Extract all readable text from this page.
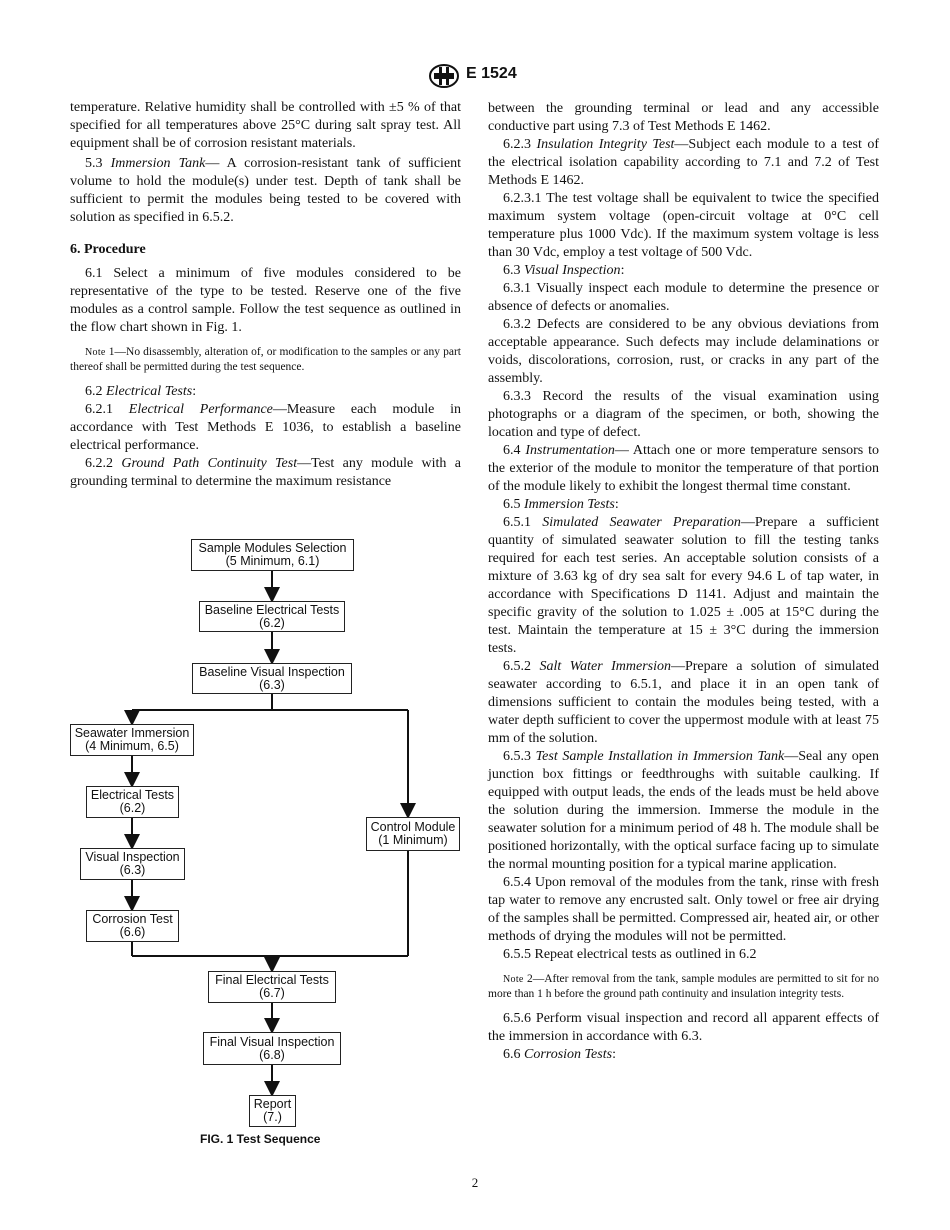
E 1524

temperature. Relative humidity shall be controlled with ±5 % of that specified for all temperatures above 25°C during salt spray test. All equipment shall be of corrosion resistant materials.

5.3 Immersion Tank— A corrosion-resistant tank of sufficient volume to hold the module(s) under test. Depth of tank shall be sufficient to permit the modules being tested to be covered with solution as specified in 6.5.2.

6. Procedure

6.1 Select a minimum of five modules considered to be representative of the type to be tested. Reserve one of the five modules as a control sample. Follow the test sequence as outlined in the flow chart shown in Fig. 1.

Note 1—No disassembly, alteration of, or modification to the samples or any part thereof shall be permitted during the test sequence.

6.2 Electrical Tests:

6.2.1 Electrical Performance—Measure each module in accordance with Test Methods E 1036, to establish a baseline electrical performance.

6.2.2 Ground Path Continuity Test—Test any module with a grounding terminal to determine the maximum resistance

Sample Modules Selection
(5 Minimum, 6.1)
Baseline Electrical Tests
(6.2)
Baseline Visual Inspection
(6.3)
Seawater Immersion
(4 Minimum, 6.5)
Electrical Tests
(6.2)
Control Module
(1 Minimum)
Visual Inspection
(6.3)
Corrosion Test
(6.6)
Final Electrical Tests
(6.7)
Final Visual Inspection
(6.8)
Report
(7.)
FIG. 1 Test Sequence

between the grounding terminal or lead and any accessible conductive part using 7.3 of Test Methods E 1462.

6.2.3 Insulation Integrity Test—Subject each module to a test of the electrical isolation capability according to 7.1 and 7.2 of Test Methods E 1462.

6.2.3.1 The test voltage shall be equivalent to twice the specified maximum system voltage (open-circuit voltage at 0°C cell temperature plus 1000 Vdc). If the maximum system voltage is less than 30 Vdc, employ a test voltage of 500 Vdc.

6.3 Visual Inspection:

6.3.1 Visually inspect each module to determine the presence or absence of defects or anomalies.

6.3.2 Defects are considered to be any obvious deviations from acceptable appearance. Such defects may include delaminations or voids, discolorations, corrosion, rust, or cracks in any part of the assembly.

6.3.3 Record the results of the visual examination using photographs or a diagram of the specimen, or both, showing the location and type of defect.

6.4 Instrumentation— Attach one or more temperature sensors to the exterior of the module to monitor the temperature of that portion of the module likely to exhibit the longest thermal time constant.

6.5 Immersion Tests:

6.5.1 Simulated Seawater Preparation—Prepare a sufficient quantity of simulated seawater solution to fill the testing tanks required for each test series. An acceptable solution consists of a mixture of 3.63 kg of dry sea salt for every 94.6 L of tap water, in accordance with Specifications D 1141. Adjust and maintain the specific gravity of the solution to 1.025 ± .005 at 15°C during the test. Maintain the temperature at 15 ± 3°C during the immersion tests.

6.5.2 Salt Water Immersion—Prepare a solution of simulated seawater according to 6.5.1, and place it in an open tank of dimensions sufficient to contain the modules being tested, with a water depth sufficient to cover the uppermost module with at least 75 mm of the solution.

6.5.3 Test Sample Installation in Immersion Tank—Seal any open junction box fittings or feedthroughs with suitable caulking. If equipped with output leads, the ends of the leads must be held above the solution during the immersion. Immerse the module in the seawater solution for a minimum period of 48 h. The module shall be positioned horizontally, with the optical surface facing up to simulate the normal mounting position for a typical marine application.

6.5.4 Upon removal of the modules from the tank, rinse with fresh tap water to remove any encrusted salt. Only towel or free air drying of the samples shall be permitted. Compressed air, heated air, or other methods of drying the modules will not be permitted.

6.5.5 Repeat electrical tests as outlined in 6.2

Note 2—After removal from the tank, sample modules are permitted to sit for no more than 1 h before the ground path continuity and insulation integrity tests.

6.5.6 Perform visual inspection and record all apparent effects of the immersion in accordance with 6.3.

6.6 Corrosion Tests:

2
